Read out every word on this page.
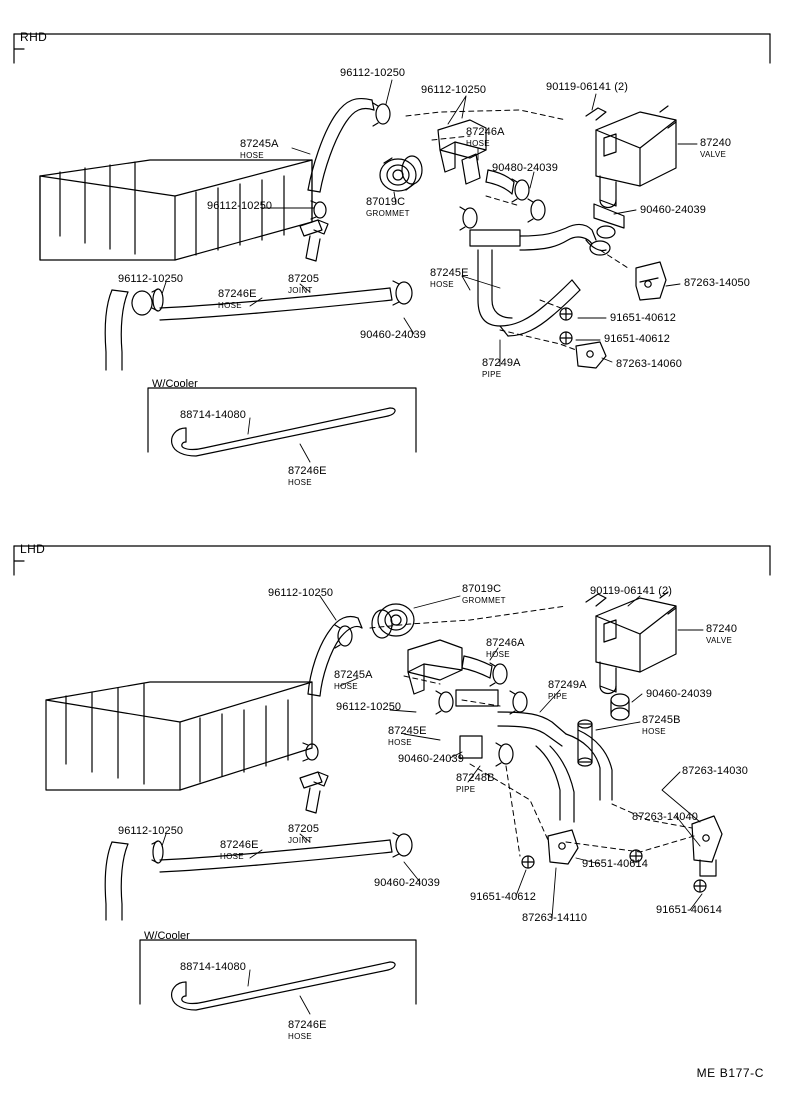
RHD
LHD
W/Cooler
W/Cooler
96112-10250
96112-10250	90119-06141 (2)
87246A
HOSE	87240
VALVE
87245A
HOSE
90480-24039
96112-10250	87019C
GROMMET	90460-24039
87245E
HOSE
96112-10250	87205
JOINT
87246E
HOSE
87263-14050
91651-40612
90460-24039	91651-40612
87263-14060
87249A
PIPE
88714-14080
87246E
HOSE
96112-10250	87019C
GROMMET
90119-06141 (2)
87246A
HOSE
87240
VALVE
87245A
HOSE	87249A
PIPE	90460-24039
96112-10250
87245B
HOSE
87245E
HOSE
90460-24039
87248B
PIPE
87263-14030
87263-14040
96112-10250	87205
JOINT
87246E
HOSE
91651-40614
90460-24039
91651-40612
87263-14110
91651-40614
88714-14080
87246E
HOSE
ME B177-C
